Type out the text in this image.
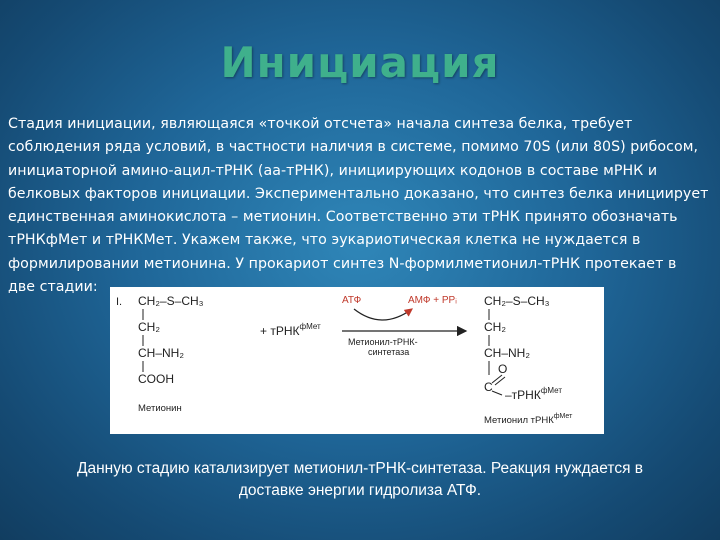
Инициация
Стадия инициации, являющаяся «точкой отсчета» начала синтеза белка, требует
соблюдения ряда условий, в частности наличия в системе, помимо 70S (или 80S) рибосом,
инициаторной амино-ацил-тРНК (аа-тРНК), инициирующих кодонов в составе мРНК и
белковых факторов инициации. Экспериментально доказано, что синтез белка инициирует
единственная аминокислота – метионин. Соответственно эти тРНК принято обозначать
тРНКфМет и тРНКМет. Укажем также, что эукариотическая клетка не нуждается в
формилировании метионина. У прокариот синтез N-формилметионил-тРНК протекает в
две стадии:
I. CH₂–S–CH₃
CH₂
CH–NH₂
COOH
Метионин
+ тРНК$^{фМет}$
АТФ	АМФ + PPᵢ
Метионил-тРНК-
синтетаза
CH₂–S–CH₃
CH₂
CH–NH₂
O
C
–тРНК$^{фМет}$
Метионил тРНК$^{фМет}$
Данную стадию катализирует метионил-тРНК-синтетаза. Реакция нуждается в
доставке энергии гидролиза АТФ.
